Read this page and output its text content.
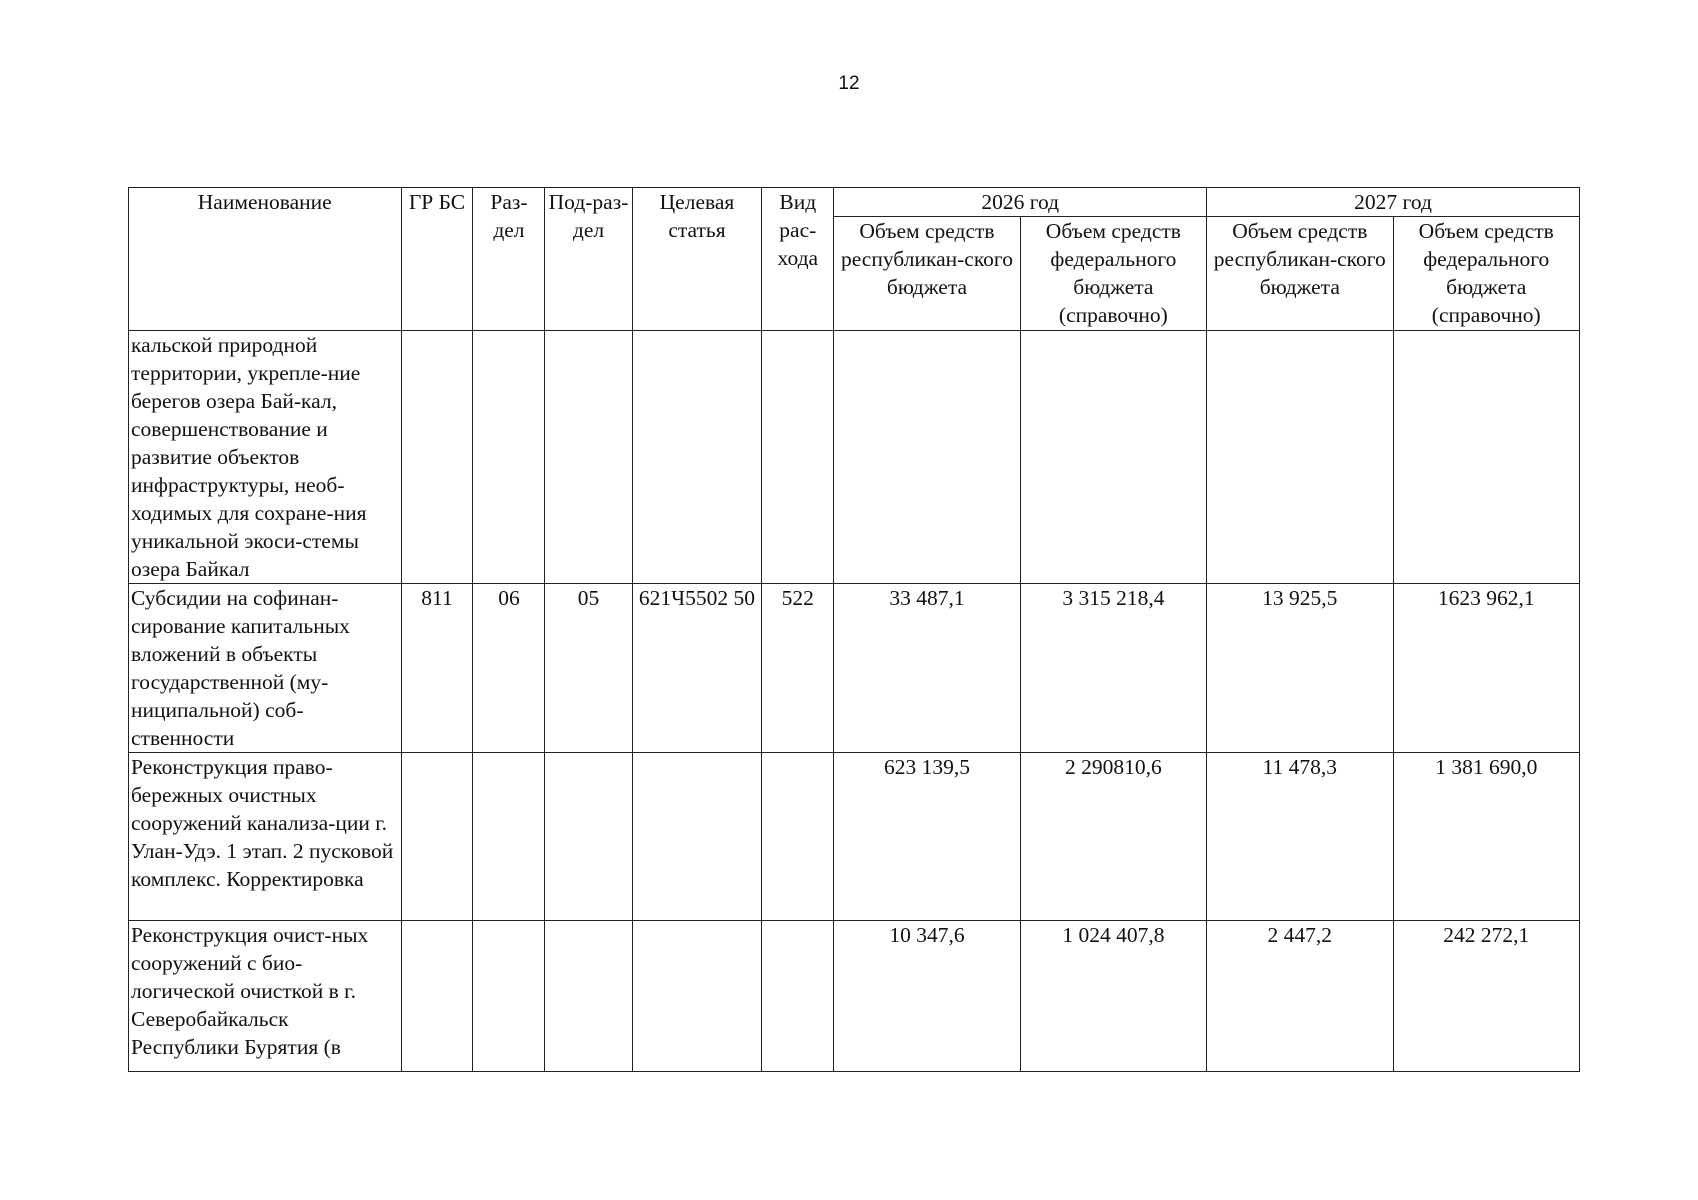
12
Наименование	ГР БС	Раз-дел	Под-раз-дел	Целевая статья	Вид рас-хода	2026 год		2027 год	
						Объем средств республикан-ского бюджета	Объем средств федерального бюджета (справочно)	Объем средств республикан-ского бюджета	Объем средств федерального бюджета (справочно)
кальской природной территории, укрепле-ние берегов озера Бай-кал, совершенствование и развитие объектов инфраструктуры, необ-ходимых для сохране-ния уникальной экоси-стемы озера Байкал									
Субсидии на софинан-сирование капитальных вложений в объекты государственной (му-ниципальной) соб-ственности	811	06	05	621Ч5502 50	522	33 487,1	3 315 218,4	13 925,5	1623 962,1
Реконструкция право-бережных очистных сооружений канализа-ции г. Улан-Удэ. 1 этап. 2 пусковой комплекс. Корректировка						623 139,5	2 290810,6	11 478,3	1 381 690,0
Реконструкция очист-ных сооружений с био-логической очисткой в г. Северобайкальск Республики Бурятия (в						10 347,6	1 024 407,8	2 447,2	242 272,1
